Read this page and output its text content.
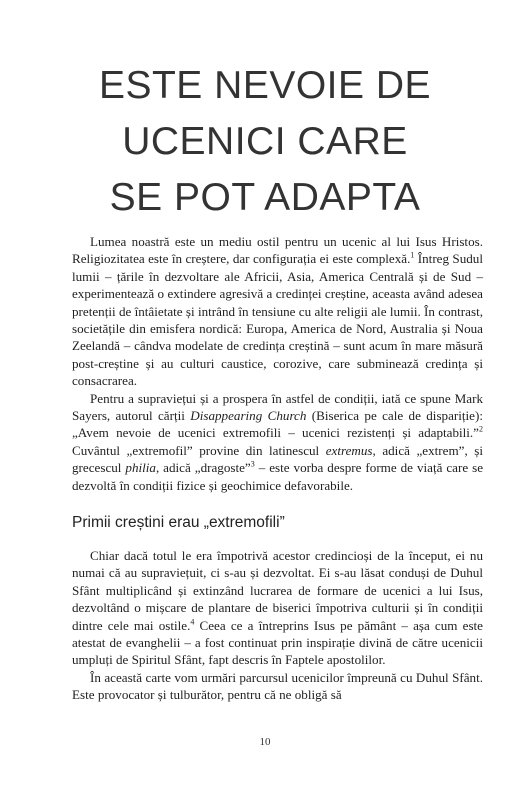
ESTE NEVOIE DE
UCENICI CARE
SE POT ADAPTA

Lumea noastră este un mediu ostil pentru un ucenic al lui Isus Hristos. Religiozitatea este în creștere, dar configurația ei este complexă.$^1$ Întreg Sudul lumii – țările în dezvoltare ale Africii, Asia, America Centrală și de Sud – experimentează o extindere agresivă a credinței creștine, aceasta având adesea pretenții de întâietate și intrând în tensiune cu alte religii ale lumii. În contrast, societățile din emisfera nordică: Europa, America de Nord, Australia și Noua Zeelandă – cândva modelate de credința creștină – sunt acum în mare măsură post-creștine și au culturi caustice, corozive, care subminează credința și consacrarea.

Pentru a supraviețui și a prospera în astfel de condiții, iată ce spune Mark Sayers, autorul cărții Disappearing Church (Biserica pe cale de dispariție): „Avem nevoie de ucenici extremofili – ucenici rezistenți și adaptabili.”$^2$ Cuvântul „extremofil” provine din latinescul extremus, adică „extrem”, și grecescul philia, adică „dragoste”$^3$ – este vorba despre forme de viață care se dezvoltă în condiții fizice și geochimice defavorabile.

Primii creștini erau „extremofili”

Chiar dacă totul le era împotrivă acestor credincioși de la început, ei nu numai că au supraviețuit, ci s-au și dezvoltat. Ei s-au lăsat conduși de Duhul Sfânt multiplicând și extinzând lucrarea de formare de ucenici a lui Isus, dezvoltând o mișcare de plantare de biserici împotriva culturii și în condiții dintre cele mai ostile.$^4$ Ceea ce a întreprins Isus pe pământ – așa cum este atestat de evanghelii – a fost continuat prin inspirație divină de către ucenicii umpluți de Spiritul Sfânt, fapt descris în Faptele apostolilor.

În această carte vom urmări parcursul ucenicilor împreună cu Duhul Sfânt. Este provocator și tulburător, pentru că ne obligă să

10
